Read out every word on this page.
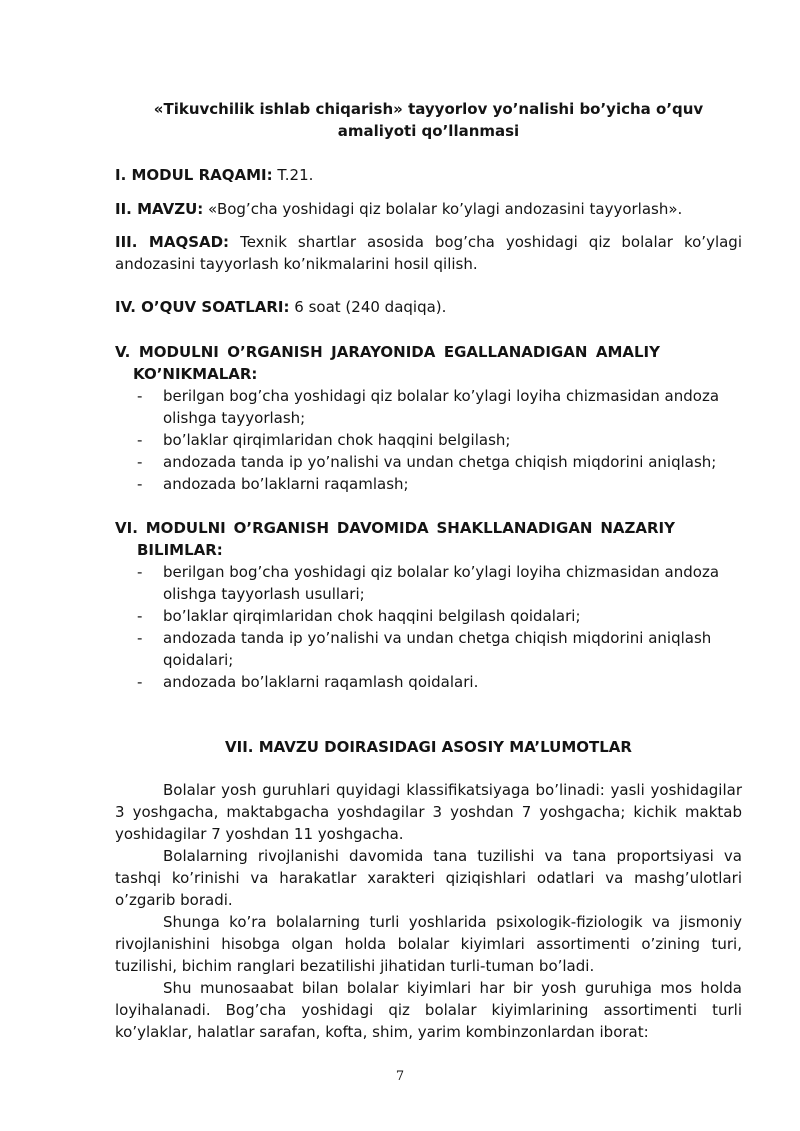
«Tikuvchilik ishlab chiqarish» tayyorlov yo’nalishi bo’yicha o’quv
amaliyoti qo’llanmasi
I. MODUL RAQAMI: T.21.
II. MAVZU: «Bog’cha yoshidagi qiz bolalar ko’ylagi andozasini tayyorlash».
III. MAQSAD: Texnik shartlar asosida bog’cha yoshidagi qiz bolalar ko’ylagi andozasini tayyorlash ko’nikmalarini hosil qilish.
IV. O’QUV SOATLARI: 6 soat (240 daqiqa).
V. MODULNI O’RGANISH JARAYONIDA EGALLANADIGAN AMALIY
KO’NIKMALAR:
- berilgan bog’cha yoshidagi qiz bolalar ko’ylagi loyiha chizmasidan andoza olishga tayyorlash;
- bo’laklar qirqimlaridan chok haqqini belgilash;
- andozada tanda ip yo’nalishi va undan chetga chiqish miqdorini aniqlash;
- andozada bo’laklarni raqamlash;
VI. MODULNI O’RGANISH DAVOMIDA SHAKLLANADIGAN NAZARIY
BILIMLAR:
- berilgan bog’cha yoshidagi qiz bolalar ko’ylagi loyiha chizmasidan andoza olishga tayyorlash usullari;
- bo’laklar qirqimlaridan chok haqqini belgilash qoidalari;
- andozada tanda ip yo’nalishi va undan chetga chiqish miqdorini aniqlash qoidalari;
- andozada bo’laklarni raqamlash qoidalari.
VII. MAVZU DOIRASIDAGI ASOSIY MA’LUMOTLAR

Bolalar yosh guruhlari quyidagi klassifikatsiyaga bo’linadi: yasli yoshidagilar 3 yoshgacha, maktabgacha yoshdagilar 3 yoshdan 7 yoshgacha; kichik maktab yoshidagilar 7 yoshdan 11 yoshgacha.

Bolalarning rivojlanishi davomida tana tuzilishi va tana proportsiyasi va tashqi ko’rinishi va harakatlar xarakteri qiziqishlari odatlari va mashg’ulotlari o’zgarib boradi.

Shunga ko’ra bolalarning turli yoshlarida psixologik-fiziologik va jismoniy rivojlanishini hisobga olgan holda bolalar kiyimlari assortimenti o’zining turi, tuzilishi, bichim ranglari bezatilishi jihatidan turli-tuman bo’ladi.

Shu munosaabat bilan bolalar kiyimlari har bir yosh guruhiga mos holda loyihalanadi. Bog’cha yoshidagi qiz bolalar kiyimlarining assortimenti turli ko’ylaklar, halatlar sarafan, kofta, shim, yarim kombinzonlardan iborat:

7
